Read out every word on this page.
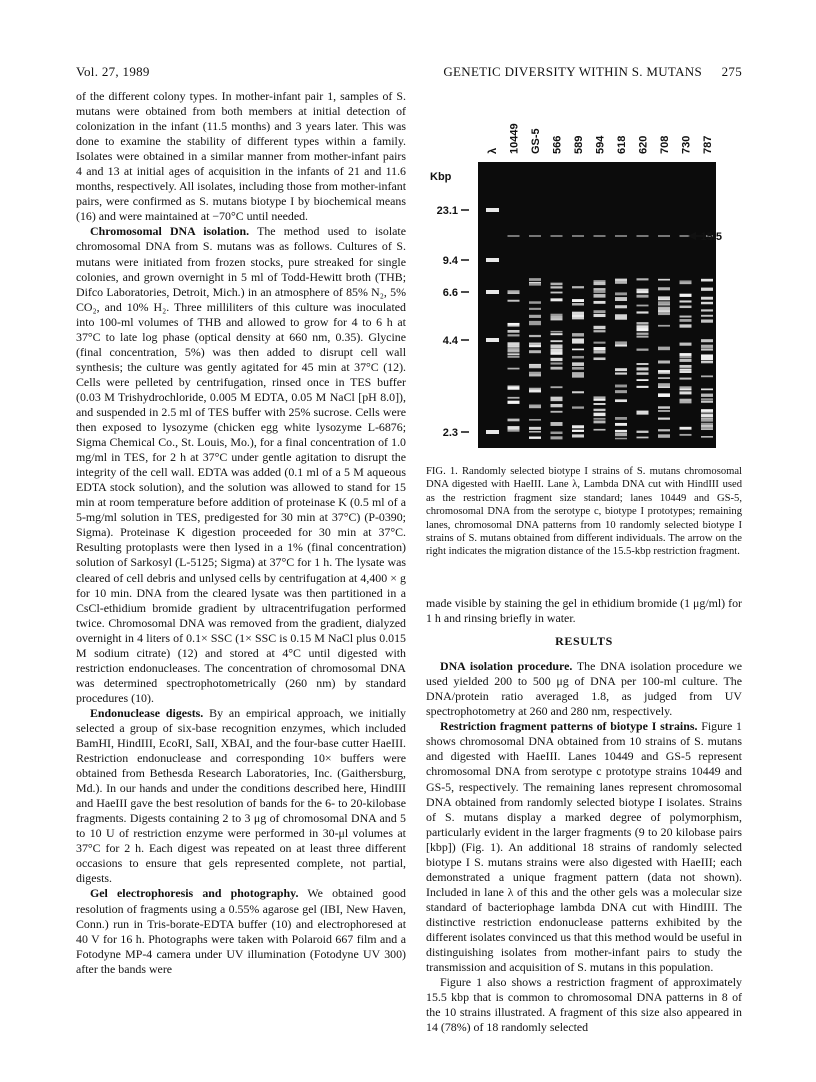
Vol. 27, 1989	GENETIC DIVERSITY WITHIN S. MUTANS 275

of the different colony types. In mother-infant pair 1, samples of S. mutans were obtained from both members at initial detection of colonization in the infant (11.5 months) and 3 years later. This was done to examine the stability of different types within a family. Isolates were obtained in a similar manner from mother-infant pairs 4 and 13 at initial ages of acquisition in the infants of 21 and 11.6 months, respectively. All isolates, including those from mother-infant pairs, were confirmed as S. mutans biotype I by biochemical means (16) and were maintained at −70°C until needed.

Chromosomal DNA isolation. The method used to isolate chromosomal DNA from S. mutans was as follows. Cultures of S. mutans were initiated from frozen stocks, pure streaked for single colonies, and grown overnight in 5 ml of Todd-Hewitt broth (THB; Difco Laboratories, Detroit, Mich.) in an atmosphere of 85% N₂, 5% CO₂, and 10% H₂. Three milliliters of this culture was inoculated into 100-ml volumes of THB and allowed to grow for 4 to 6 h at 37°C to late log phase (optical density at 660 nm, 0.35). Glycine (final concentration, 5%) was then added to disrupt cell wall synthesis; the culture was gently agitated for 45 min at 37°C (12). Cells were pelleted by centrifugation, rinsed once in TES buffer (0.03 M Trishydrochloride, 0.005 M EDTA, 0.05 M NaCl [pH 8.0]), and suspended in 2.5 ml of TES buffer with 25% sucrose. Cells were then exposed to lysozyme (chicken egg white lysozyme L-6876; Sigma Chemical Co., St. Louis, Mo.), for a final concentration of 1.0 mg/ml in TES, for 2 h at 37°C under gentle agitation to disrupt the integrity of the cell wall. EDTA was added (0.1 ml of a 5 M aqueous EDTA stock solution), and the solution was allowed to stand for 15 min at room temperature before addition of proteinase K (0.5 ml of a 5-mg/ml solution in TES, predigested for 30 min at 37°C) (P-0390; Sigma). Proteinase K digestion proceeded for 30 min at 37°C. Resulting protoplasts were then lysed in a 1% (final concentration) solution of Sarkosyl (L-5125; Sigma) at 37°C for 1 h. The lysate was cleared of cell debris and unlysed cells by centrifugation at 4,400 × g for 10 min. DNA from the cleared lysate was then partitioned in a CsCl-ethidium bromide gradient by ultracentrifugation performed twice. Chromosomal DNA was removed from the gradient, dialyzed overnight in 4 liters of 0.1× SSC (1× SSC is 0.15 M NaCl plus 0.015 M sodium citrate) (12) and stored at 4°C until digested with restriction endonucleases. The concentration of chromosomal DNA was determined spectrophotometrically (260 nm) by standard procedures (10).

Endonuclease digests. By an empirical approach, we initially selected a group of six-base recognition enzymes, which included BamHI, HindIII, EcoRI, SalI, XBAI, and the four-base cutter HaeIII. Restriction endonuclease and corresponding 10× buffers were obtained from Bethesda Research Laboratories, Inc. (Gaithersburg, Md.). In our hands and under the conditions described here, HindIII and HaeIII gave the best resolution of bands for the 6- to 20-kilobase fragments. Digests containing 2 to 3 μg of chromosomal DNA and 5 to 10 U of restriction enzyme were performed in 30-μl volumes at 37°C for 2 h. Each digest was repeated on at least three different occasions to ensure that gels represented complete, not partial, digests.

Gel electrophoresis and photography. We obtained good resolution of fragments using a 0.55% agarose gel (IBI, New Haven, Conn.) run in Tris-borate-EDTA buffer (10) and electrophoresed at 40 V for 16 h. Photographs were taken with Polaroid 667 film and a Fotodyne MP-4 camera under UV illumination (Fotodyne UV 300) after the bands were

λ 10449 GS-5 566 589 594 618 620 708 730 787
23.1
9.4
6.6
4.4
2.3
Kbp
15.5
FIG. 1. Randomly selected biotype I strains of S. mutans chromosomal DNA digested with HaeIII. Lane λ, Lambda DNA cut with HindIII used as the restriction fragment size standard; lanes 10449 and GS-5, chromosomal DNA from the serotype c, biotype I prototypes; remaining lanes, chromosomal DNA patterns from 10 randomly selected biotype I strains of S. mutans obtained from different individuals. The arrow on the right indicates the migration distance of the 15.5-kbp restriction fragment.

made visible by staining the gel in ethidium bromide (1 μg/ml) for 1 h and rinsing briefly in water.

RESULTS

DNA isolation procedure. The DNA isolation procedure we used yielded 200 to 500 μg of DNA per 100-ml culture. The DNA/protein ratio averaged 1.8, as judged from UV spectrophotometry at 260 and 280 nm, respectively.

Restriction fragment patterns of biotype I strains. Figure 1 shows chromosomal DNA obtained from 10 strains of S. mutans and digested with HaeIII. Lanes 10449 and GS-5 represent chromosomal DNA from serotype c prototype strains 10449 and GS-5, respectively. The remaining lanes represent chromosomal DNA obtained from randomly selected biotype I isolates. Strains of S. mutans display a marked degree of polymorphism, particularly evident in the larger fragments (9 to 20 kilobase pairs [kbp]) (Fig. 1). An additional 18 strains of randomly selected biotype I S. mutans strains were also digested with HaeIII; each demonstrated a unique fragment pattern (data not shown). Included in lane λ of this and the other gels was a molecular size standard of bacteriophage lambda DNA cut with HindIII. The distinctive restriction endonuclease patterns exhibited by the different isolates convinced us that this method would be useful in distinguishing isolates from mother-infant pairs to study the transmission and acquisition of S. mutans in this population.

Figure 1 also shows a restriction fragment of approximately 15.5 kbp that is common to chromosomal DNA patterns in 8 of the 10 strains illustrated. A fragment of this size also appeared in 14 (78%) of 18 randomly selected
